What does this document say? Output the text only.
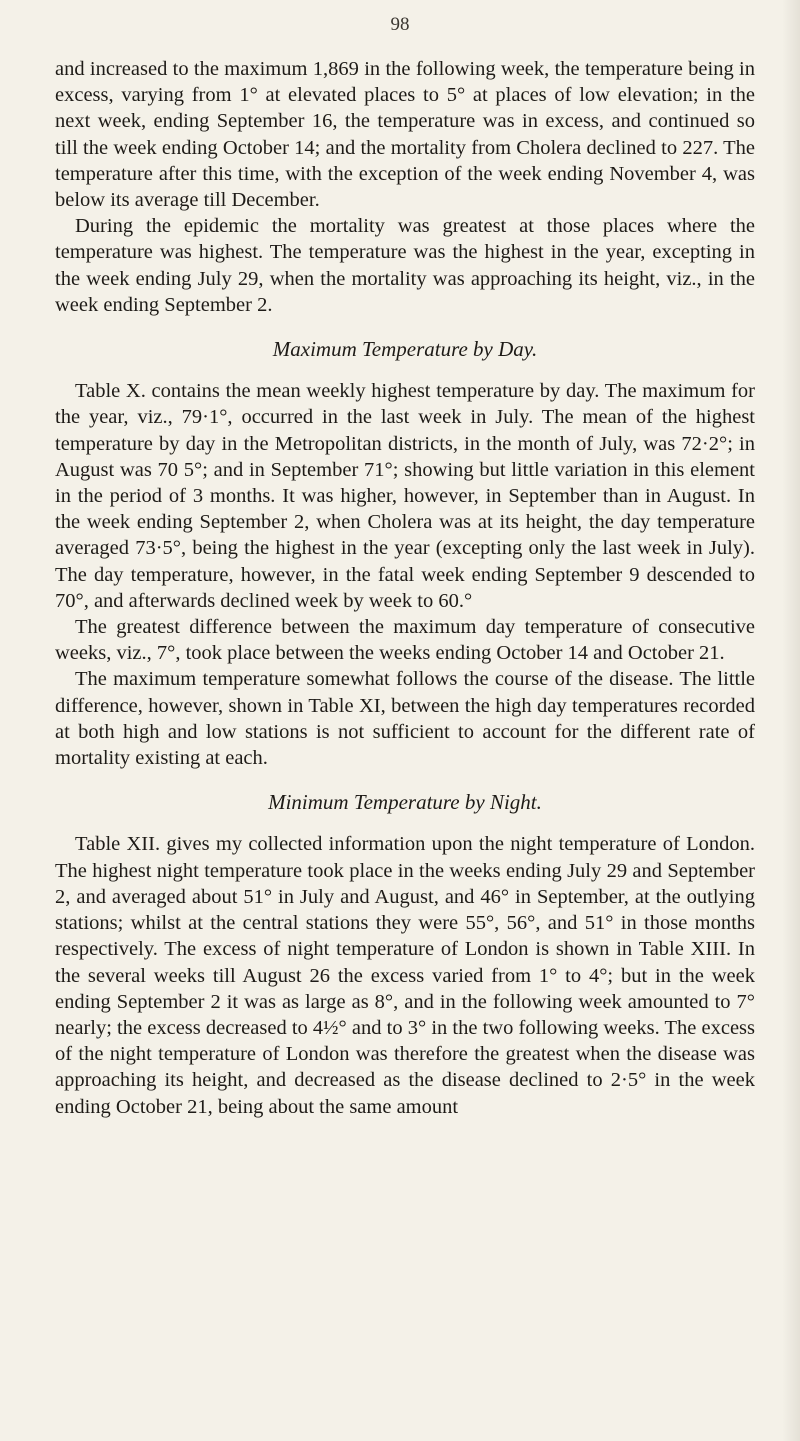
98

and increased to the maximum 1,869 in the following week, the temperature being in excess, varying from 1° at elevated places to 5° at places of low elevation; in the next week, ending September 16, the temperature was in excess, and continued so till the week ending October 14; and the mortality from Cholera declined to 227. The temperature after this time, with the exception of the week ending November 4, was below its average till December.

During the epidemic the mortality was greatest at those places where the temperature was highest. The temperature was the highest in the year, excepting in the week ending July 29, when the mortality was approaching its height, viz., in the week ending September 2.

Maximum Temperature by Day.

Table X. contains the mean weekly highest temperature by day. The maximum for the year, viz., 79·1°, occurred in the last week in July. The mean of the highest temperature by day in the Metropolitan districts, in the month of July, was 72·2°; in August was 70 5°; and in September 71°; showing but little variation in this element in the period of 3 months. It was higher, however, in September than in August. In the week ending September 2, when Cholera was at its height, the day temperature averaged 73·5°, being the highest in the year (excepting only the last week in July). The day temperature, however, in the fatal week ending September 9 descended to 70°, and afterwards declined week by week to 60.°

The greatest difference between the maximum day temperature of consecutive weeks, viz., 7°, took place between the weeks ending October 14 and October 21.

The maximum temperature somewhat follows the course of the disease. The little difference, however, shown in Table XI, between the high day temperatures recorded at both high and low stations is not sufficient to account for the different rate of mortality existing at each.

Minimum Temperature by Night.

Table XII. gives my collected information upon the night temperature of London. The highest night temperature took place in the weeks ending July 29 and September 2, and averaged about 51° in July and August, and 46° in September, at the outlying stations; whilst at the central stations they were 55°, 56°, and 51° in those months respectively. The excess of night temperature of London is shown in Table XIII. In the several weeks till August 26 the excess varied from 1° to 4°; but in the week ending September 2 it was as large as 8°, and in the following week amounted to 7° nearly; the excess decreased to 4½° and to 3° in the two following weeks. The excess of the night temperature of London was therefore the greatest when the disease was approaching its height, and decreased as the disease declined to 2·5° in the week ending October 21, being about the same amount
